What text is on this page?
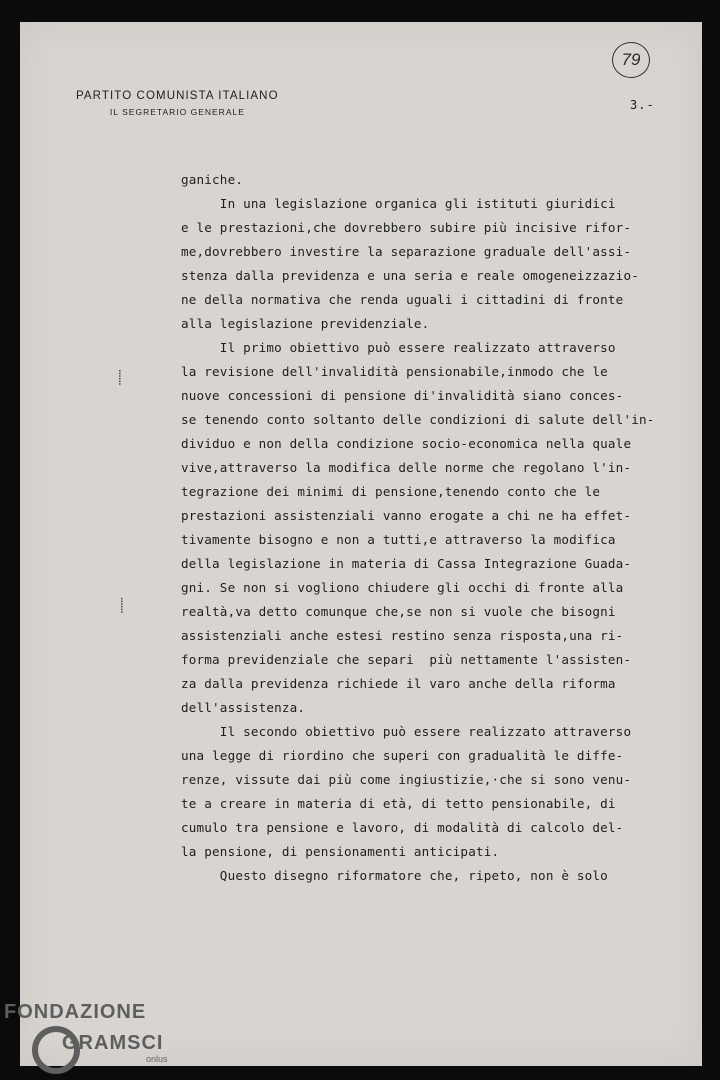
PARTITO COMUNISTA ITALIANO
IL SEGRETARIO GENERALE	3.-
79
ganiche.
In una legislazione organica gli istituti giuridici
e le prestazioni,che dovrebbero subire più incisive rifor-
me,dovrebbero investire la separazione graduale dell'assi-
stenza dalla previdenza e una seria e reale omogeneizzazio-
ne della normativa che renda uguali i cittadini di fronte
alla legislazione previdenziale.
Il primo obiettivo può essere realizzato attraverso
la revisione dell'invalidità pensionabile,inmodo che le
nuove concessioni di pensione di'invalidità siano conces-
se tenendo conto soltanto delle condizioni di salute dell'in-
dividuo e non della condizione socio-economica nella quale
vive,attraverso la modifica delle norme che regolano l'in-
tegrazione dei minimi di pensione,tenendo conto che le
prestazioni assistenziali vanno erogate a chi ne ha effet-
tivamente bisogno e non a tutti,e attraverso la modifica
della legislazione in materia di Cassa Integrazione Guada-
gni. Se non si vogliono chiudere gli occhi di fronte alla
realtà,va detto comunque che,se non si vuole che bisogni
assistenziali anche estesi restino senza risposta,una ri-
forma previdenziale che separi  più nettamente l'assisten-
za dalla previdenza richiede il varo anche della riforma
dell'assistenza.
Il secondo obiettivo può essere realizzato attraverso
una legge di riordino che superi con gradualità le diffe-
renze, vissute dai più come ingiustizie,·che si sono venu-
te a creare in materia di età, di tetto pensionabile, di
cumulo tra pensione e lavoro, di modalità di calcolo del-
la pensione, di pensionamenti anticipati.
Questo disegno riformatore che, ripeto, non è solo
⸽
⸽
FONDAZIONE
GRAMSCI
onlus
